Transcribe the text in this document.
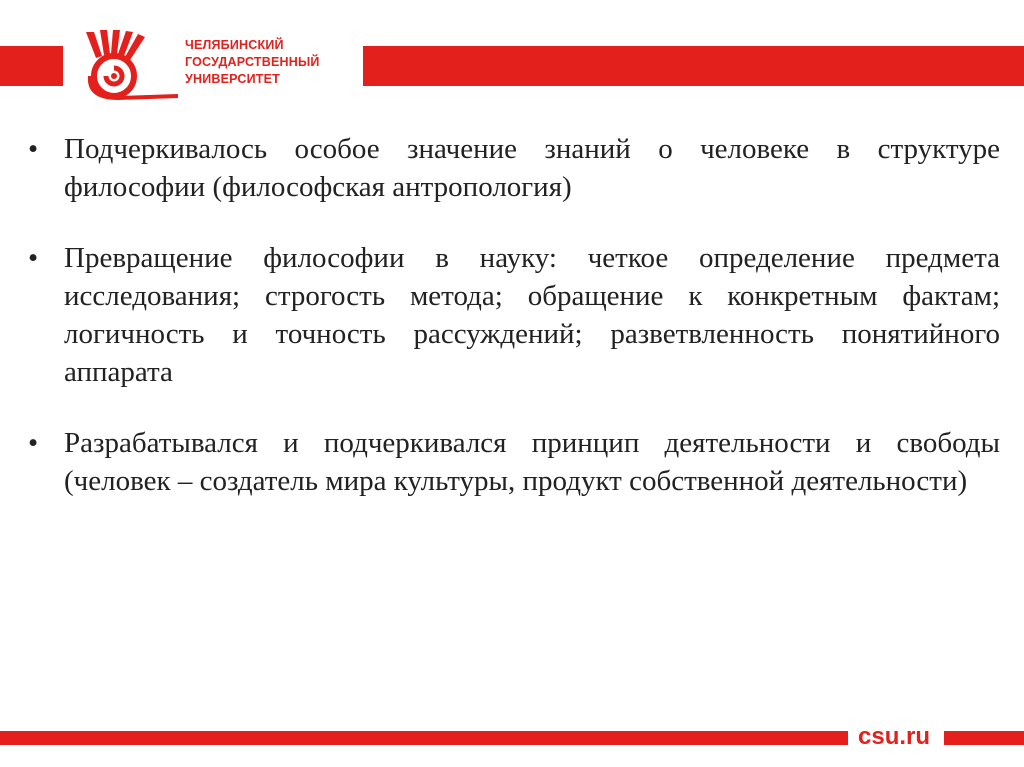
ЧЕЛЯБИНСКИЙ
ГОСУДАРСТВЕННЫЙ
УНИВЕРСИТЕТ
• Подчеркивалось особое значение знаний о человеке в структуре философии (философская антропология)
• Превращение философии в науку: четкое определение предмета исследования; строгость метода; обращение к конкретным фактам; логичность и точность рассуждений; разветвленность понятийного аппарата
• Разрабатывался и подчеркивался принцип деятельности и свободы (человек – создатель мира культуры, продукт собственной деятельности)
csu.ru
